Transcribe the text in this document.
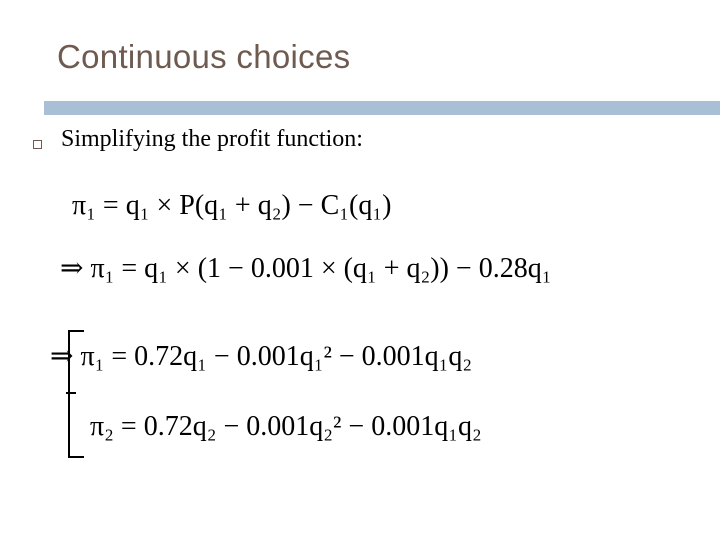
Continuous choices
Simplifying the profit function:
π₁ = q₁ × P(q₁ + q₂) − C₁(q₁)
⇒ π₁ = q₁ × (1 − 0.001 × (q₁ + q₂)) − 0.28q₁
⇒ π₁ = 0.72q₁ − 0.001q₁² − 0.001q₁q₂
π₂ = 0.72q₂ − 0.001q₂² − 0.001q₁q₂
